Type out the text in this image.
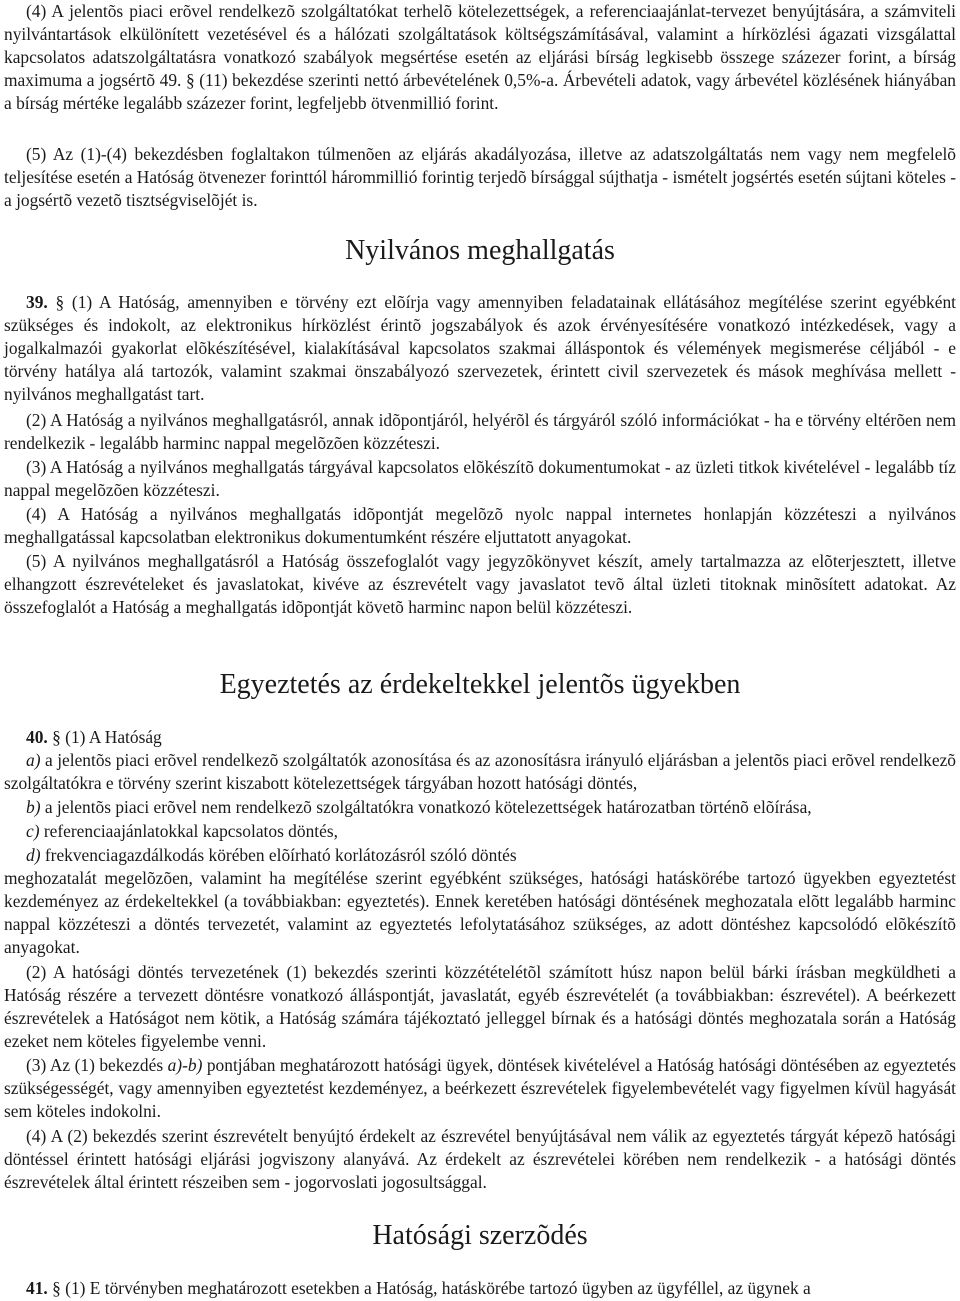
(4) A jelentõs piaci erõvel rendelkezõ szolgáltatókat terhelõ kötelezettségek, a referenciaajánlat-tervezet benyújtására, a számviteli nyilvántartások elkülönített vezetésével és a hálózati szolgáltatások költségszámításával, valamint a hírközlési ágazati vizsgálattal kapcsolatos adatszolgáltatásra vonatkozó szabályok megsértése esetén az eljárási bírság legkisebb összege százezer forint, a bírság maximuma a jogsértõ 49. § (11) bekezdése szerinti nettó árbevételének 0,5%-a. Árbevételi adatok, vagy árbevétel közlésének hiányában a bírság mértéke legalább százezer forint, legfeljebb ötvenmillió forint.

(5) Az (1)-(4) bekezdésben foglaltakon túlmenõen az eljárás akadályozása, illetve az adatszolgáltatás nem vagy nem megfelelõ teljesítése esetén a Hatóság ötvenezer forinttól hárommillió forintig terjedõ bírsággal sújthatja - ismételt jogsértés esetén sújtani köteles - a jogsértõ vezetõ tisztségviselõjét is.

Nyilvános meghallgatás

39. § (1) A Hatóság, amennyiben e törvény ezt elõírja vagy amennyiben feladatainak ellátásához megítélése szerint egyébként szükséges és indokolt, az elektronikus hírközlést érintõ jogszabályok és azok érvényesítésére vonatkozó intézkedések, vagy a jogalkalmazói gyakorlat elõkészítésével, kialakításával kapcsolatos szakmai álláspontok és vélemények megismerése céljából - e törvény hatálya alá tartozók, valamint szakmai önszabályozó szervezetek, érintett civil szervezetek és mások meghívása mellett - nyilvános meghallgatást tart.

(2) A Hatóság a nyilvános meghallgatásról, annak idõpontjáról, helyérõl és tárgyáról szóló információkat - ha e törvény eltérõen nem rendelkezik - legalább harminc nappal megelõzõen közzéteszi.

(3) A Hatóság a nyilvános meghallgatás tárgyával kapcsolatos elõkészítõ dokumentumokat - az üzleti titkok kivételével - legalább tíz nappal megelõzõen közzéteszi.

(4) A Hatóság a nyilvános meghallgatás idõpontját megelõzõ nyolc nappal internetes honlapján közzéteszi a nyilvános meghallgatással kapcsolatban elektronikus dokumentumként részére eljuttatott anyagokat.

(5) A nyilvános meghallgatásról a Hatóság összefoglalót vagy jegyzõkönyvet készít, amely tartalmazza az elõterjesztett, illetve elhangzott észrevételeket és javaslatokat, kivéve az észrevételt vagy javaslatot tevõ által üzleti titoknak minõsített adatokat. Az összefoglalót a Hatóság a meghallgatás idõpontját követõ harminc napon belül közzéteszi.

Egyeztetés az érdekeltekkel jelentõs ügyekben

40. § (1) A Hatóság

a) a jelentõs piaci erõvel rendelkezõ szolgáltatók azonosítása és az azonosításra irányuló eljárásban a jelentõs piaci erõvel rendelkezõ szolgáltatókra e törvény szerint kiszabott kötelezettségek tárgyában hozott hatósági döntés,

b) a jelentõs piaci erõvel nem rendelkezõ szolgáltatókra vonatkozó kötelezettségek határozatban történõ elõírása,

c) referenciaajánlatokkal kapcsolatos döntés,

d) frekvenciagazdálkodás körében elõírható korlátozásról szóló döntés

meghozatalát megelõzõen, valamint ha megítélése szerint egyébként szükséges, hatósági hatáskörébe tartozó ügyekben egyeztetést kezdeményez az érdekeltekkel (a továbbiakban: egyeztetés). Ennek keretében hatósági döntésének meghozatala elõtt legalább harminc nappal közzéteszi a döntés tervezetét, valamint az egyeztetés lefolytatásához szükséges, az adott döntéshez kapcsolódó elõkészítõ anyagokat.

(2) A hatósági döntés tervezetének (1) bekezdés szerinti közzétételétõl számított húsz napon belül bárki írásban megküldheti a Hatóság részére a tervezett döntésre vonatkozó álláspontját, javaslatát, egyéb észrevételét (a továbbiakban: észrevétel). A beérkezett észrevételek a Hatóságot nem kötik, a Hatóság számára tájékoztató jelleggel bírnak és a hatósági döntés meghozatala során a Hatóság ezeket nem köteles figyelembe venni.

(3) Az (1) bekezdés a)-b) pontjában meghatározott hatósági ügyek, döntések kivételével a Hatóság hatósági döntésében az egyeztetés szükségességét, vagy amennyiben egyeztetést kezdeményez, a beérkezett észrevételek figyelembevételét vagy figyelmen kívül hagyását sem köteles indokolni.

(4) A (2) bekezdés szerint észrevételt benyújtó érdekelt az észrevétel benyújtásával nem válik az egyeztetés tárgyát képezõ hatósági döntéssel érintett hatósági eljárási jogviszony alanyává. Az érdekelt az észrevételei körében nem rendelkezik - a hatósági döntés észrevételek által érintett részeiben sem - jogorvoslati jogosultsággal.

Hatósági szerzõdés

41. § (1) E törvényben meghatározott esetekben a Hatóság, hatáskörébe tartozó ügyben az ügyféllel, az ügynek a
